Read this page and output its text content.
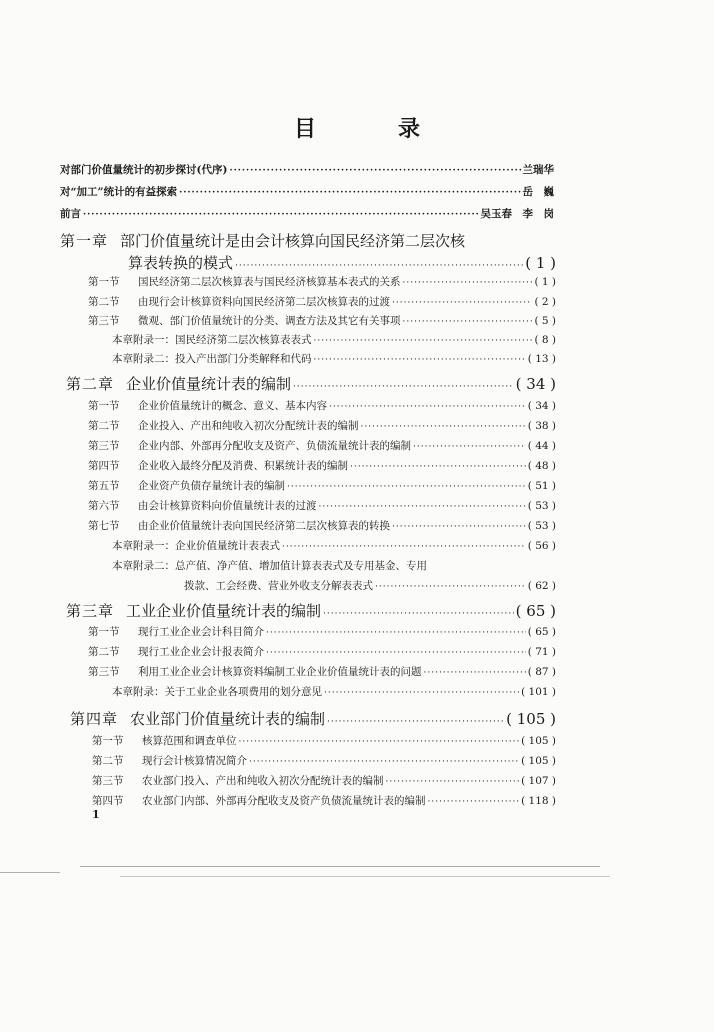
目　录
对部门价值量统计的初步探讨(代序) ·····	兰瑞华
对“加工”统计的有益探索 ·····	岳　巍
前言 ·····	吴玉春　李　岗
第一章 部门价值量统计是由会计核算向国民经济第二层次核
算表转换的模式 ·····	( 1 )
第一节 国民经济第二层次核算表与国民经济核算基本表式的关系 ·····	( 1 )
第二节 由现行会计核算资料向国民经济第二层次核算表的过渡 ·····	( 2 )
第三节 微观、部门价值量统计的分类、调查方法及其它有关事项 ·····	( 5 )
本章附录一：国民经济第二层次核算表表式 ·····	( 8 )
本章附录二：投入产出部门分类解释和代码 ·····	( 13 )
第二章 企业价值量统计表的编制 ·····	( 34 )
第一节 企业价值量统计的概念、意义、基本内容 ·····	( 34 )
第二节 企业投入、产出和纯收入初次分配统计表的编制 ·····	( 38 )
第三节 企业内部、外部再分配收支及资产、负债流量统计表的编制 ·····	( 44 )
第四节 企业收入最终分配及消费、积累统计表的编制 ·····	( 48 )
第五节 企业资产负债存量统计表的编制 ·····	( 51 )
第六节 由会计核算资料向价值量统计表的过渡 ·····	( 53 )
第七节 由企业价值量统计表向国民经济第二层次核算表的转换 ·····	( 53 )
本章附录一：企业价值量统计表表式 ·····	( 56 )
本章附录二：总产值、净产值、增加值计算表表式及专用基金、专用
拨款、工会经费、营业外收支分解表表式 ·····	( 62 )
第三章 工业企业价值量统计表的编制 ·····	( 65 )
第一节 现行工业企业会计科目简介 ·····	( 65 )
第二节 现行工业企业会计报表简介 ·····	( 71 )
第三节 利用工业企业会计核算资料编制工业企业价值量统计表的问题 ·····	( 87 )
本章附录：关于工业企业各项费用的划分意见 ·····	( 101 )
第四章 农业部门价值量统计表的编制 ·····	( 105 )
第一节 核算范围和调查单位 ·····	( 105 )
第二节 现行会计核算情况简介 ·····	( 105 )
第三节 农业部门投入、产出和纯收入初次分配统计表的编制 ·····	( 107 )
第四节 农业部门内部、外部再分配收支及资产负债流量统计表的编制 ·····	( 118 )
1
